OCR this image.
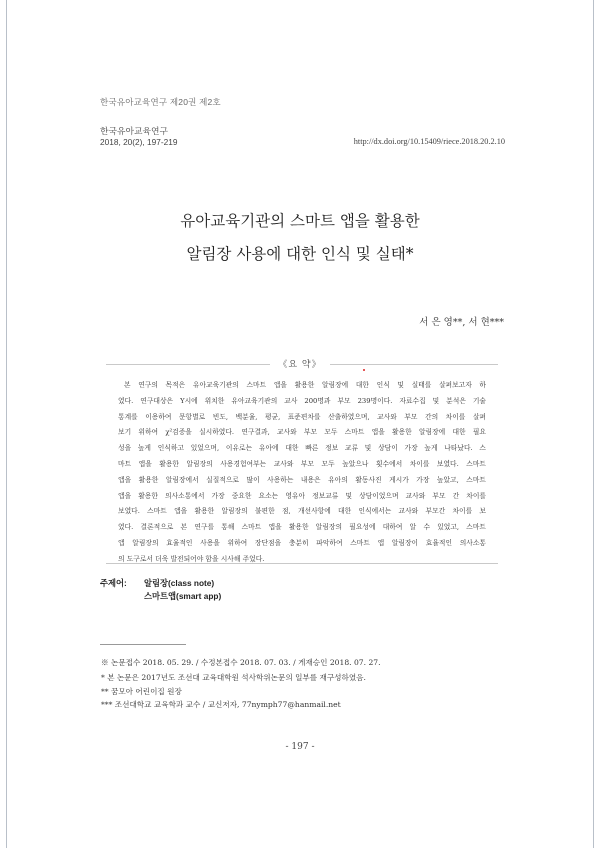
한국유아교육연구 제20권 제2호
한국유아교육연구
2018, 20(2), 197-219	http://dx.doi.org/10.15409/riece.2018.20.2.10
유아교육기관의 스마트 앱을 활용한
알림장 사용에 대한 인식 및 실태*
서 은 영**, 서 현***
《요 약》
본 연구의 목적은 유아교육기관의 스마트 앱을 활용한 알림장에 대한 인식 및 실태를 살펴보고자 하
였다. 연구대상은 Y시에 위치한 유아교육기관의 교사 200명과 부모 239명이다. 자료수집 및 분석은 기술
통계를 이용하여 문항별로 빈도, 백분율, 평균, 표준편차를 산출하였으며, 교사와 부모 간의 차이를 살펴
보기 위하여 χ²검증을 실시하였다. 연구결과, 교사와 부모 모두 스마트 앱을 활용한 알림장에 대한 필요
성을 높게 인식하고 있었으며, 이유로는 유아에 대한 빠른 정보 교류 및 상담이 가장 높게 나타났다. 스
마트 앱을 활용한 알림장의 사용경험여부는 교사와 부모 모두 높았으나 횟수에서 차이를 보였다. 스마트
앱을 활용한 알림장에서 실질적으로 많이 사용하는 내용은 유아의 활동사진 게시가 가장 높았고, 스마트
앱을 활용한 의사소통에서 가장 중요한 요소는 영유아 정보교류 및 상담이었으며 교사와 부모 간 차이를
보였다. 스마트 앱을 활용한 알림장의 불편한 점, 개선사항에 대한 인식에서는 교사와 부모간 차이를 보
였다. 결론적으로 본 연구를 통해 스마트 앱을 활용한 알림장의 필요성에 대하여 알 수 있었고, 스마트
앱 알림장의 효율적인 사용을 위하여 장단점을 충분히 파악하여 스마트 앱 알림장이 효율적인 의사소통
의 도구로서 더욱 발전되어야 함을 시사해 주었다.
주제어: 알림장(class note)
스마트앱(smart app)
※ 논문접수 2018. 05. 29. / 수정본접수 2018. 07. 03. / 게재승인 2018. 07. 27.
* 본 논문은 2017년도 조선대 교육대학원 석사학위논문의 일부를 재구성하였음.
** 꿈모아 어린이집 원장
*** 조선대학교 교육학과 교수 / 교신저자, 77nymph77@hanmail.net
- 197 -
